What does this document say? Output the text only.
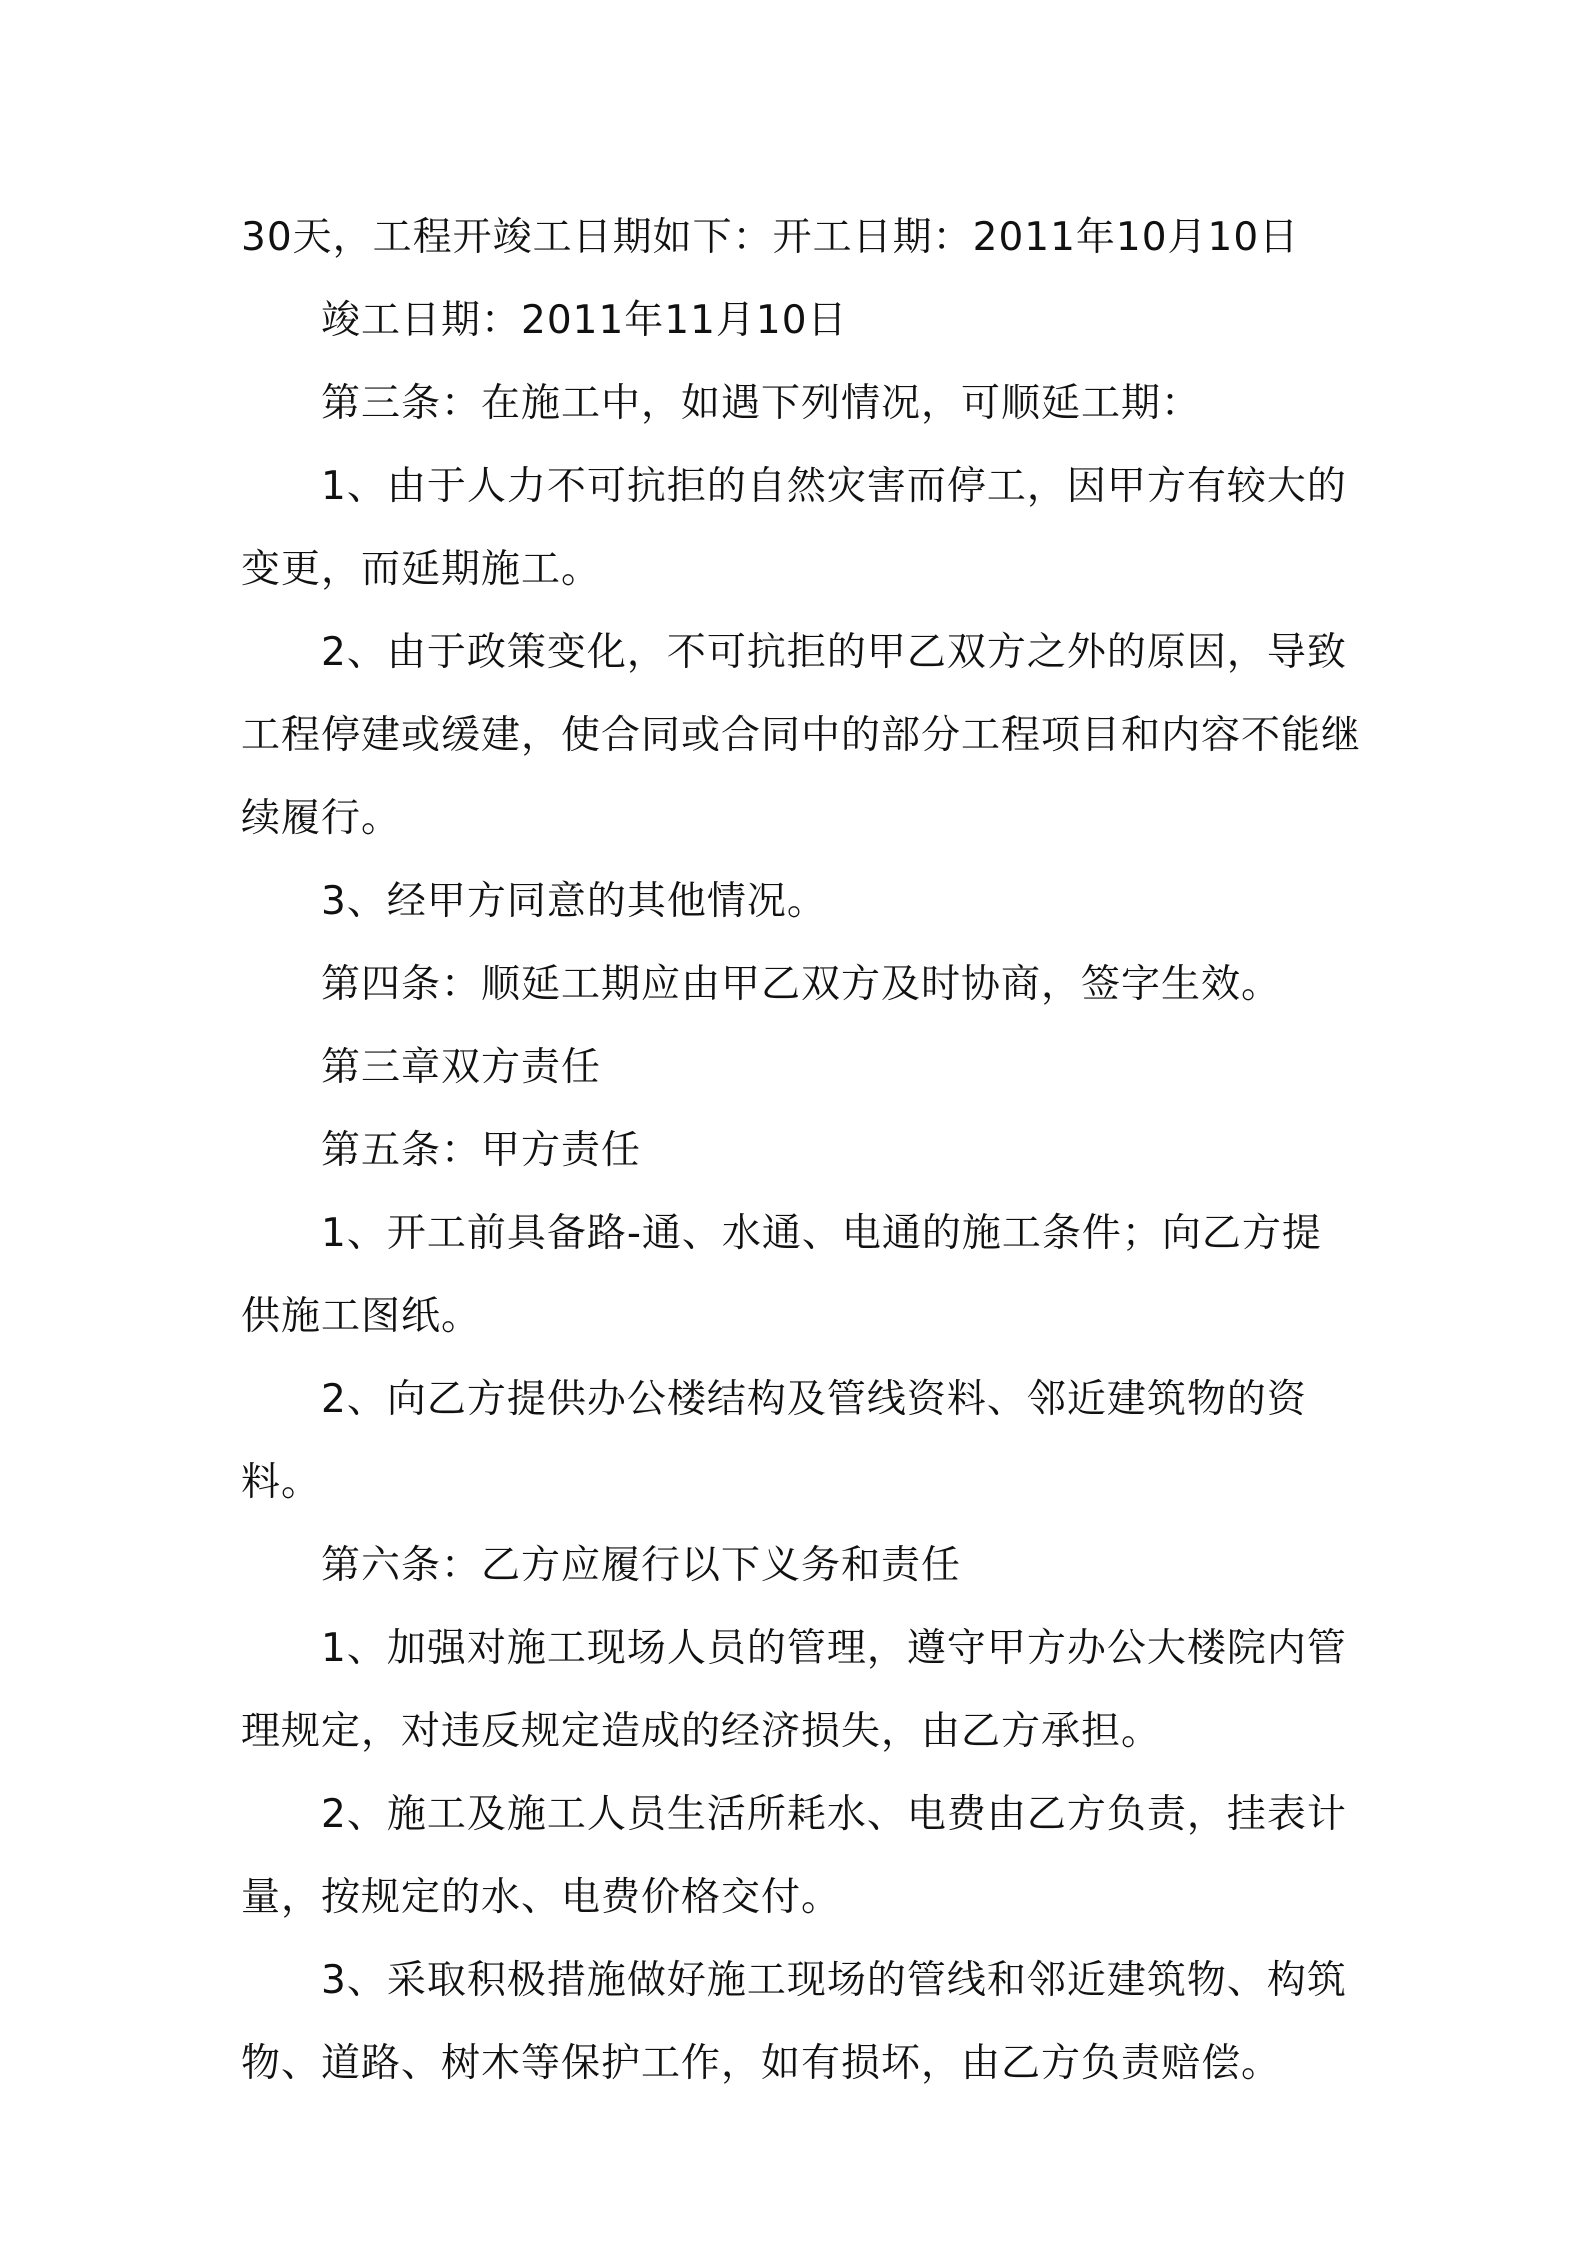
30天，工程开竣工日期如下：开工日期：2011年10月10日

竣工日期：2011年11月10日

第三条：在施工中，如遇下列情况，可顺延工期：

1、由于人力不可抗拒的自然灾害而停工，因甲方有较大的变更，而延期施工。

2、由于政策变化，不可抗拒的甲乙双方之外的原因，导致工程停建或缓建，使合同或合同中的部分工程项目和内容不能继续履行。

3、经甲方同意的其他情况。

第四条：顺延工期应由甲乙双方及时协商，签字生效。

第三章双方责任

第五条：甲方责任

1、开工前具备路-通、水通、电通的施工条件；向乙方提供施工图纸。

2、向乙方提供办公楼结构及管线资料、邻近建筑物的资料。

第六条：乙方应履行以下义务和责任

1、加强对施工现场人员的管理，遵守甲方办公大楼院内管理规定，对违反规定造成的经济损失，由乙方承担。

2、施工及施工人员生活所耗水、电费由乙方负责，挂表计量，按规定的水、电费价格交付。

3、采取积极措施做好施工现场的管线和邻近建筑物、构筑物、道路、树木等保护工作，如有损坏，由乙方负责赔偿。
